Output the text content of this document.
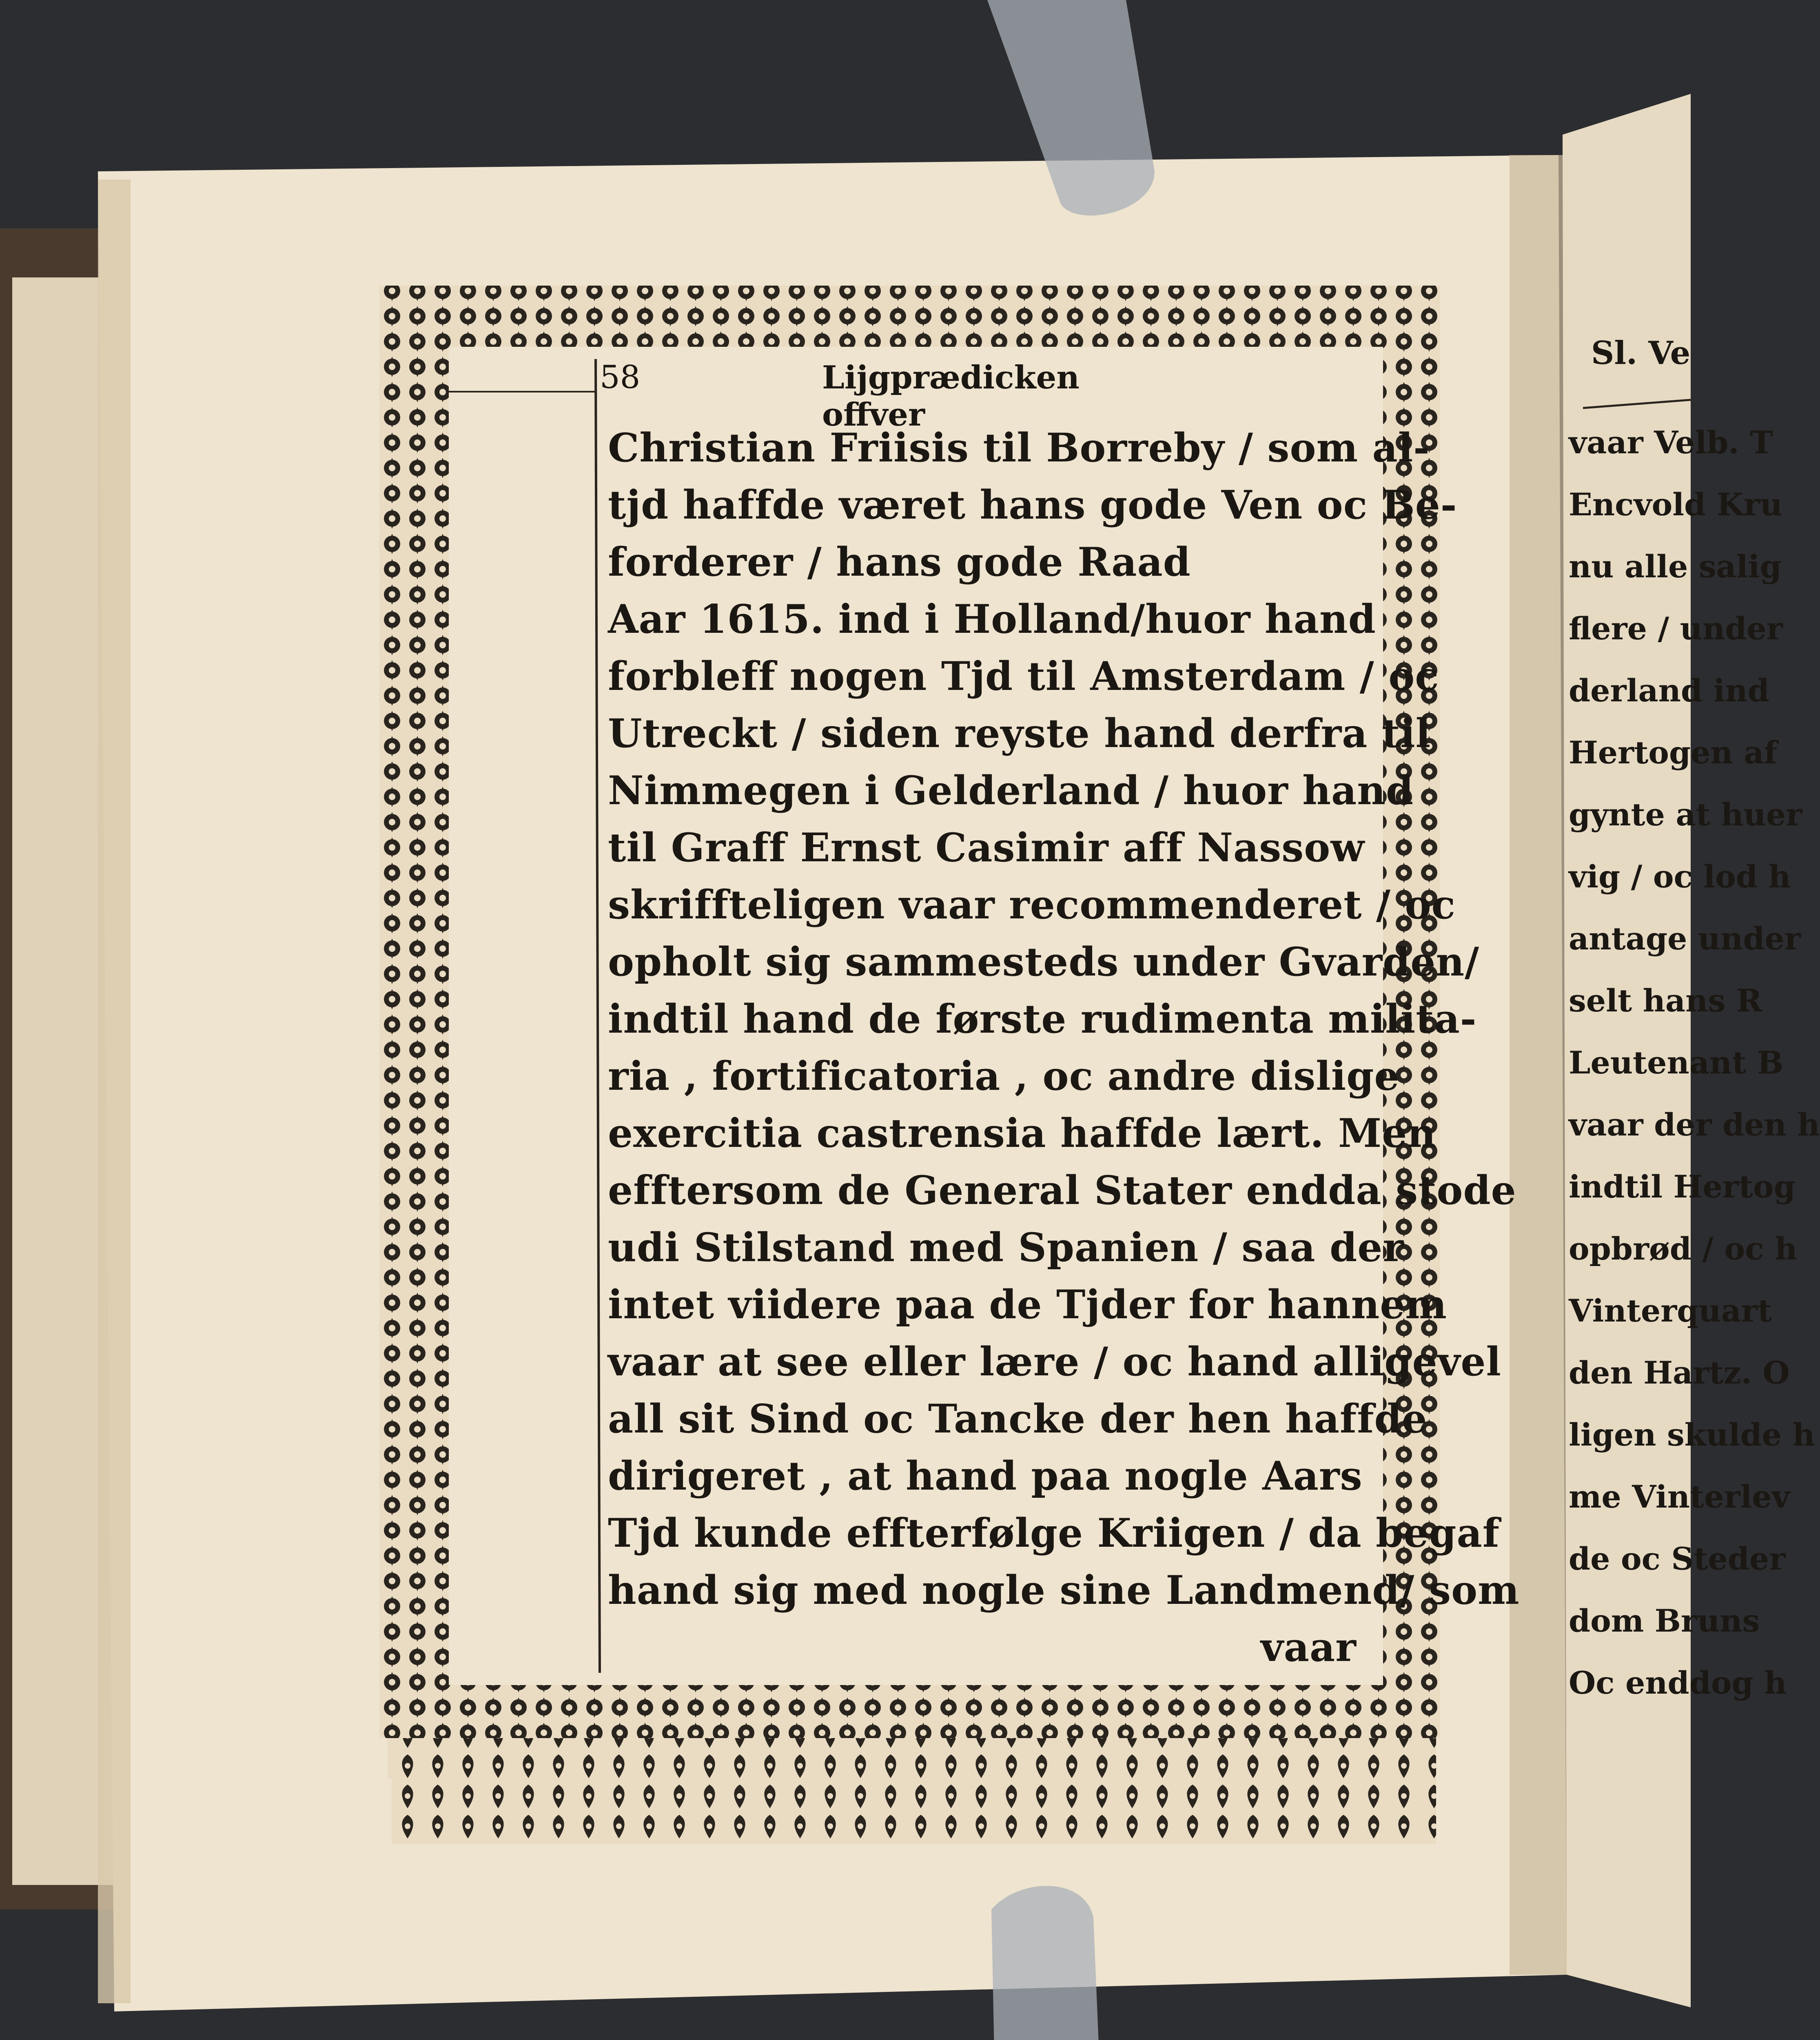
58	Lijgprædicken offver
Christian Friisis til Borreby / som al-
tjd haffde været hans gode Ven oc Be-
forderer / hans gode Raad
Aar 1615. ind i Holland/huor hand
forbleff nogen Tjd til Amsterdam / oc
Utreckt / siden reyste hand derfra til
Nimmegen i Gelderland / huor hand
til Graff Ernst Casimir aff Nassow
skriffteligen vaar recommenderet / oc
opholt sig sammesteds under Gvarden/
indtil hand de første rudimenta milita-
ria , fortificatoria , oc andre dislige
exercitia castrensia haffde lært. Men
efftersom de General Stater endda stode
udi Stilstand med Spanien / saa der
intet viidere paa de Tjder for hannem
vaar at see eller lære / oc hand alligevel
all sit Sind oc Tancke der hen haffde
dirigeret , at hand paa nogle Aars
Tjd kunde effterfølge Kriigen / da begaf
hand sig med nogle sine Landmend/ som
vaar
Sl. Ve
vaar Velb. T
Encvold Kru
nu alle salig
flere / under
derland ind
Hertogen af
gynte at huer
vig / oc lod h
antage under
selt hans R
Leutenant B
vaar der den h
indtil Hertog
opbrød / oc h
Vinterquart
den Hartz. O
ligen skulde h
me Vinterlev
de oc Steder
dom Bruns
Oc enddog h
